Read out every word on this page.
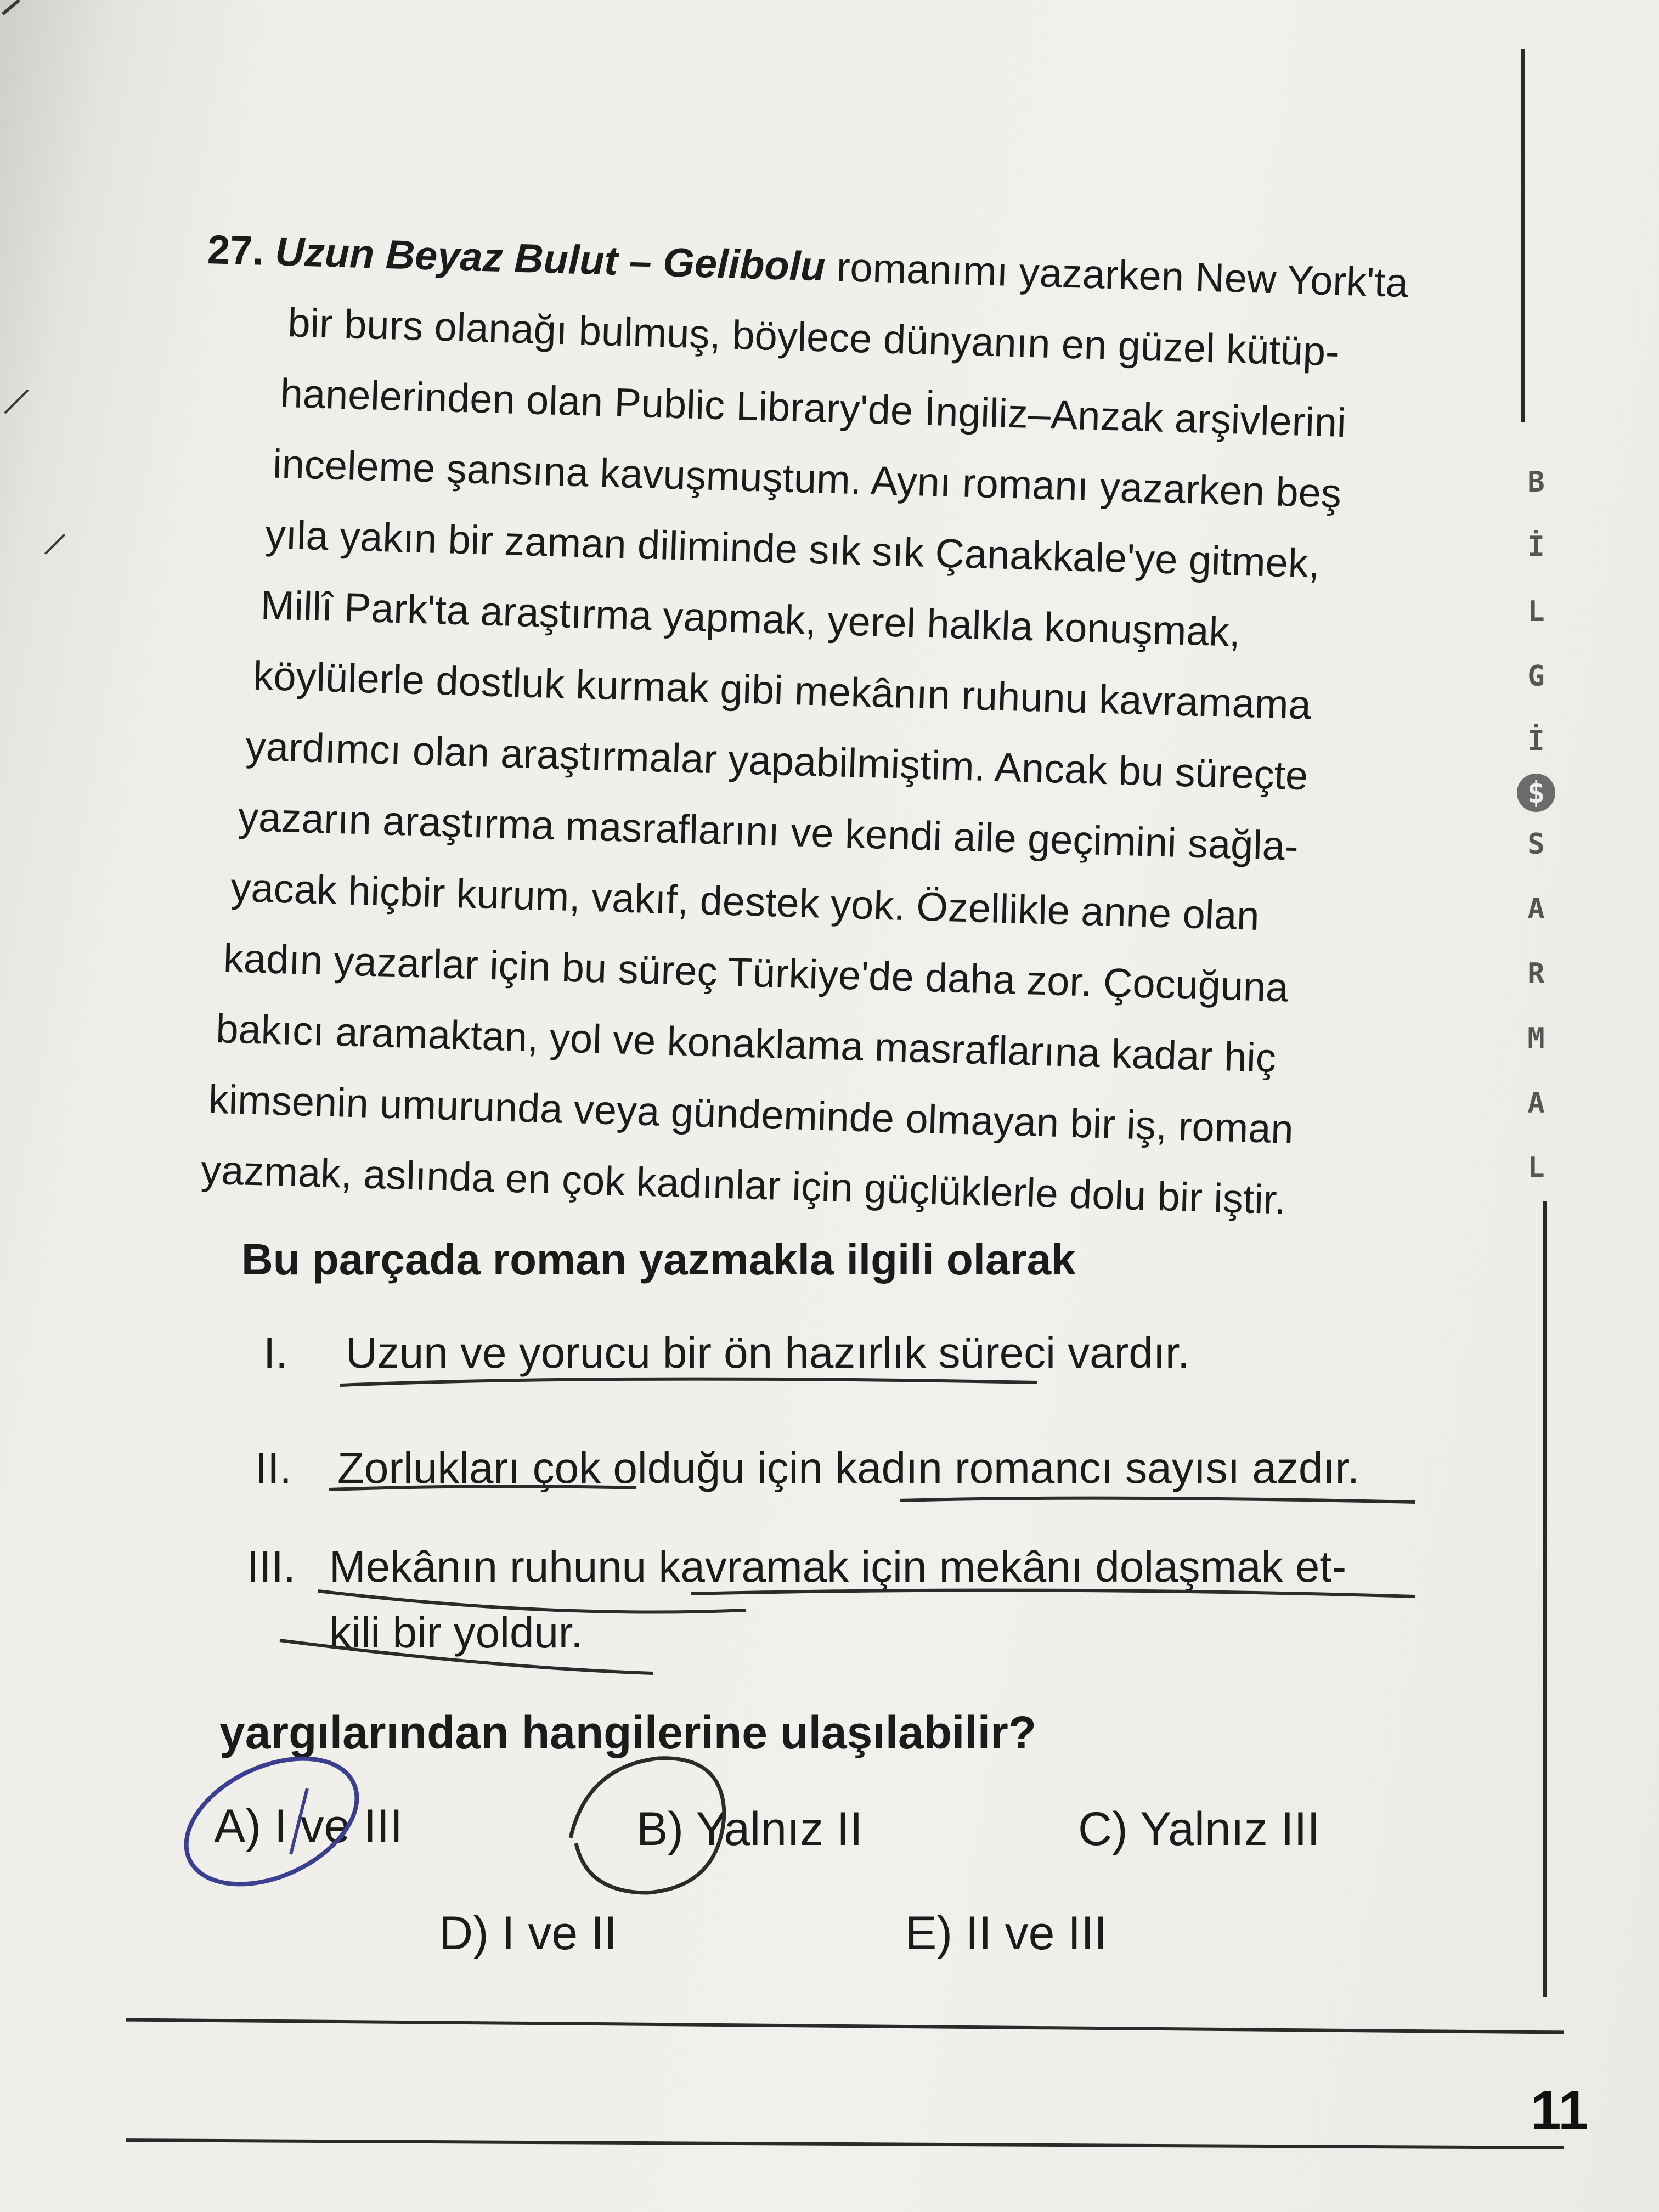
⠀
27. Uzun Beyaz Bulut – Gelibolu romanımı yazarken New York'ta
bir burs olanağı bulmuş, böylece dünyanın en güzel kütüp-
hanelerinden olan Public Library'de İngiliz–Anzak arşivlerini
inceleme şansına kavuşmuştum. Aynı romanı yazarken beş
yıla yakın bir zaman diliminde sık sık Çanakkale'ye gitmek,
Millî Park'ta araştırma yapmak, yerel halkla konuşmak,
köylülerle dostluk kurmak gibi mekânın ruhunu kavramama
yardımcı olan araştırmalar yapabilmiştim. Ancak bu süreçte
yazarın araştırma masraflarını ve kendi aile geçimini sağla-
yacak hiçbir kurum, vakıf, destek yok. Özellikle anne olan
kadın yazarlar için bu süreç Türkiye'de daha zor. Çocuğuna
bakıcı aramaktan, yol ve konaklama masraflarına kadar hiç
kimsenin umurunda veya gündeminde olmayan bir iş, roman
yazmak, aslında en çok kadınlar için güçlüklerle dolu bir iştir.
Bu parçada roman yazmakla ilgili olarak
I. Uzun ve yorucu bir ön hazırlık süreci vardır.
II. Zorlukları çok olduğu için kadın romancı sayısı azdır.
III. Mekânın ruhunu kavramak için mekânı dolaşmak et-
kili bir yoldur.
yargılarından hangilerine ulaşılabilir?
A) I ve III	B) Yalnız II	C) Yalnız III
D) I ve II	E) II ve III
B
İ
L
G
İ
$
S
A
R
M
A
L
11
